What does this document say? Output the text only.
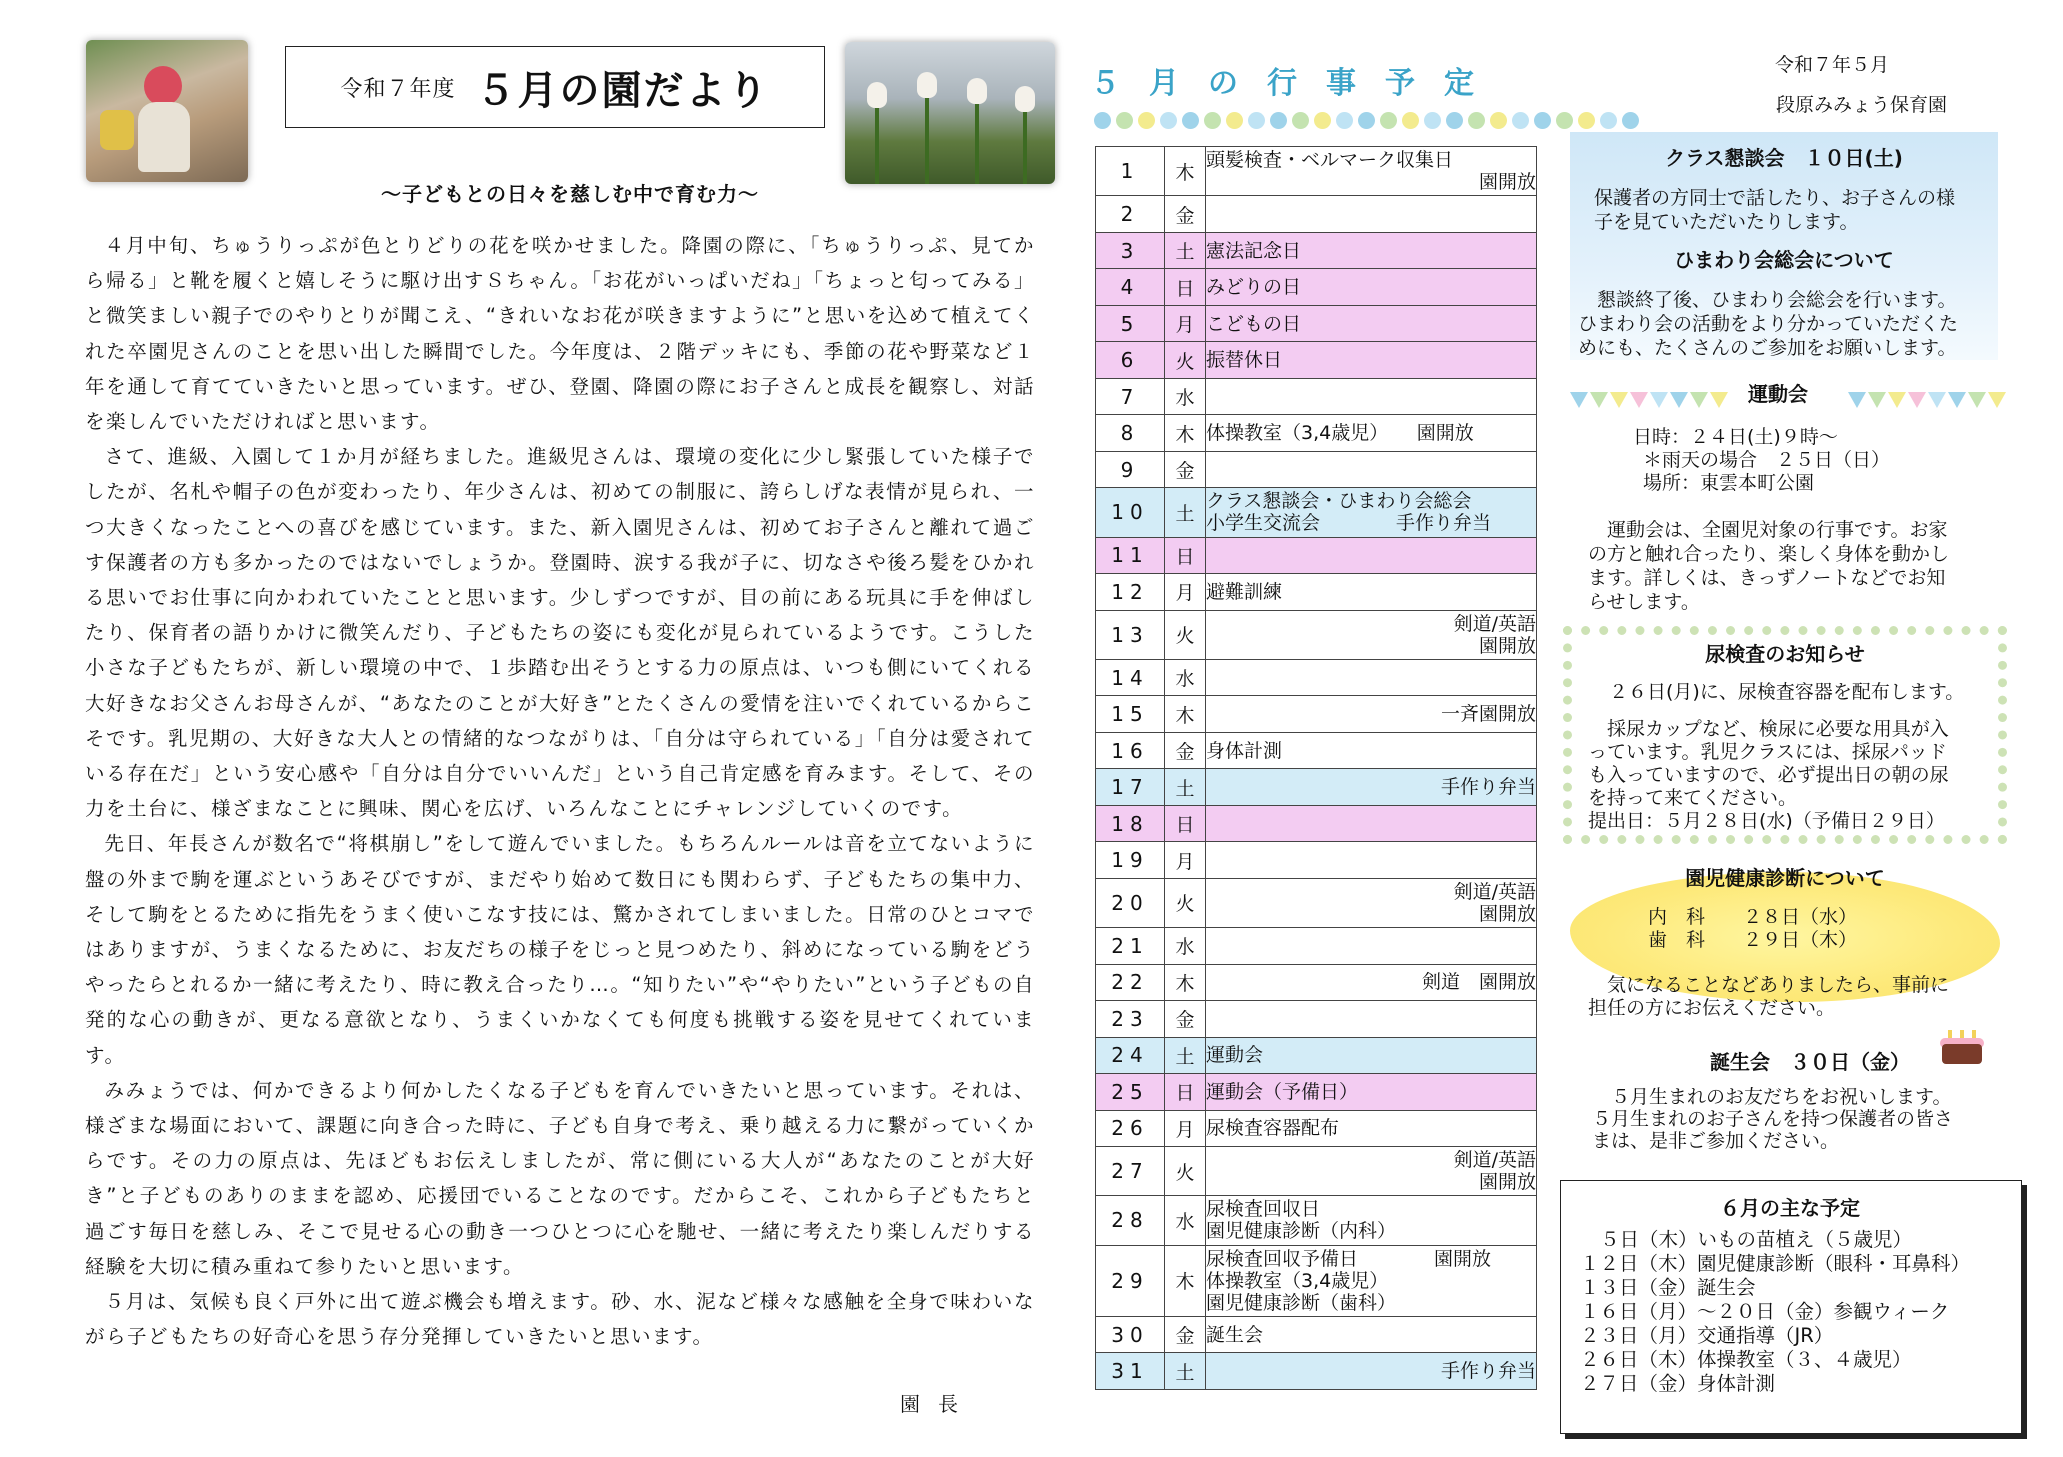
令和７年度 ５月の園だより
～子どもとの日々を慈しむ中で育む力～

４月中旬、ちゅうりっぷが色とりどりの花を咲かせました。降園の際に、「ちゅうりっぷ、見てから帰る」と靴を履くと嬉しそうに駆け出すＳちゃん。「お花がいっぱいだね」「ちょっと匂ってみる」と微笑ましい親子でのやりとりが聞こえ、“きれいなお花が咲きますように”と思いを込めて植えてくれた卒園児さんのことを思い出した瞬間でした。今年度は、２階デッキにも、季節の花や野菜など１年を通して育てていきたいと思っています。ぜひ、登園、降園の際にお子さんと成長を観察し、対話を楽しんでいただければと思います。

さて、進級、入園して１か月が経ちました。進級児さんは、環境の変化に少し緊張していた様子でしたが、名札や帽子の色が変わったり、年少さんは、初めての制服に、誇らしげな表情が見られ、一つ大きくなったことへの喜びを感じています。また、新入園児さんは、初めてお子さんと離れて過ごす保護者の方も多かったのではないでしょうか。登園時、涙する我が子に、切なさや後ろ髪をひかれる思いでお仕事に向かわれていたことと思います。少しずつですが、目の前にある玩具に手を伸ばしたり、保育者の語りかけに微笑んだり、子どもたちの姿にも変化が見られているようです。こうした小さな子どもたちが、新しい環境の中で、１歩踏む出そうとする力の原点は、いつも側にいてくれる大好きなお父さんお母さんが、“あなたのことが大好き”とたくさんの愛情を注いでくれているからこそです。乳児期の、大好きな大人との情緒的なつながりは、「自分は守られている」「自分は愛されている存在だ」という安心感や「自分は自分でいいんだ」という自己肯定感を育みます。そして、その力を土台に、様ざまなことに興味、関心を広げ、いろんなことにチャレンジしていくのです。

先日、年長さんが数名で“将棋崩し”をして遊んでいました。もちろんルールは音を立てないように盤の外まで駒を運ぶというあそびですが、まだやり始めて数日にも関わらず、子どもたちの集中力、そして駒をとるために指先をうまく使いこなす技には、驚かされてしまいました。日常のひとコマではありますが、うまくなるために、お友だちの様子をじっと見つめたり、斜めになっている駒をどうやったらとれるか一緒に考えたり、時に教え合ったり…。“知りたい”や“やりたい”という子どもの自発的な心の動きが、更なる意欲となり、うまくいかなくても何度も挑戦する姿を見せてくれています。

みみょうでは、何かできるより何かしたくなる子どもを育んでいきたいと思っています。それは、様ざまな場面において、課題に向き合った時に、子ども自身で考え、乗り越える力に繋がっていくからです。その力の原点は、先ほどもお伝えしましたが、常に側にいる大人が“あなたのことが大好き”と子どものありのままを認め、応援団でいることなのです。だからこそ、これから子どもたちと過ごす毎日を慈しみ、そこで見せる心の動き一つひとつに心を馳せ、一緒に考えたり楽しんだりする経験を大切に積み重ねて参りたいと思います。

５月は、気候も良く戸外に出て遊ぶ機会も増えます。砂、水、泥など様々な感触を全身で味わいながら子どもたちの好奇心を思う存分発揮していきたいと思います。

園長
５月の行事予定
1	木	頭髪検査・ベルマーク収集日
園開放

2	金	
3	土	憲法記念日

4	日	みどりの日

5	月	こどもの日

6	火	振替休日

7	水	
8	木	体操教室（3,4歳児）　　園開放

9	金	
10	土	クラス懇談会・ひまわり会総会
小学生交流会　　　　手作り弁当

11	日	
12	月	避難訓練

13	火	剣道/英語
園開放

14	水	
15	木	一斉園開放

16	金	身体計測

17	土	手作り弁当

18	日	
19	月	
20	火	剣道/英語
園開放

21	水	
22	木	剣道　園開放

23	金	
24	土	運動会

25	日	運動会（予備日）

26	月	尿検査容器配布

27	火	剣道/英語
園開放

28	水	尿検査回収日
園児健康診断（内科）

29	木	尿検査回収予備日　　　　園開放
体操教室（3,4歳児）
園児健康診断（歯科）

30	金	誕生会

31	土	手作り弁当
令和７年５月
段原みみょう保育園
クラス懇談会　１０日(土)
保護者の方同士で話したり、お子さんの様
子を見ていただいたりします。
ひまわり会総会について
懇談終了後、ひまわり会総会を行います。
ひまわり会の活動をより分かっていただくた
めにも、たくさんのご参加をお願いします。
運動会
日時：２４日(土)９時～
＊雨天の場合　２５日（日）
場所：東雲本町公園
運動会は、全園児対象の行事です。お家
の方と触れ合ったり、楽しく身体を動かし
ます。詳しくは、きっずノートなどでお知
らせします。
尿検査のお知らせ
２６日(月)に、尿検査容器を配布します。
採尿カップなど、検尿に必要な用具が入
っています。乳児クラスには、採尿パッド
も入っていますので、必ず提出日の朝の尿
を持って来てください。
提出日：５月２８日(水)（予備日２９日）
園児健康診断について
内　科　　２８日（水）
歯　科　　２９日（木）
気になることなどありましたら、事前に
担任の方にお伝えください。
誕生会　３０日（金）
５月生まれのお友だちをお祝いします。
５月生まれのお子さんを持つ保護者の皆さ
まは、是非ご参加ください。
６月の主な予定
５日（木）いもの苗植え（５歳児）
１２日（木）園児健康診断（眼科・耳鼻科）
１３日（金）誕生会
１６日（月）～２０日（金）参観ウィーク
２３日（月）交通指導（JR）
２６日（木）体操教室（３、４歳児）
２７日（金）身体計測
